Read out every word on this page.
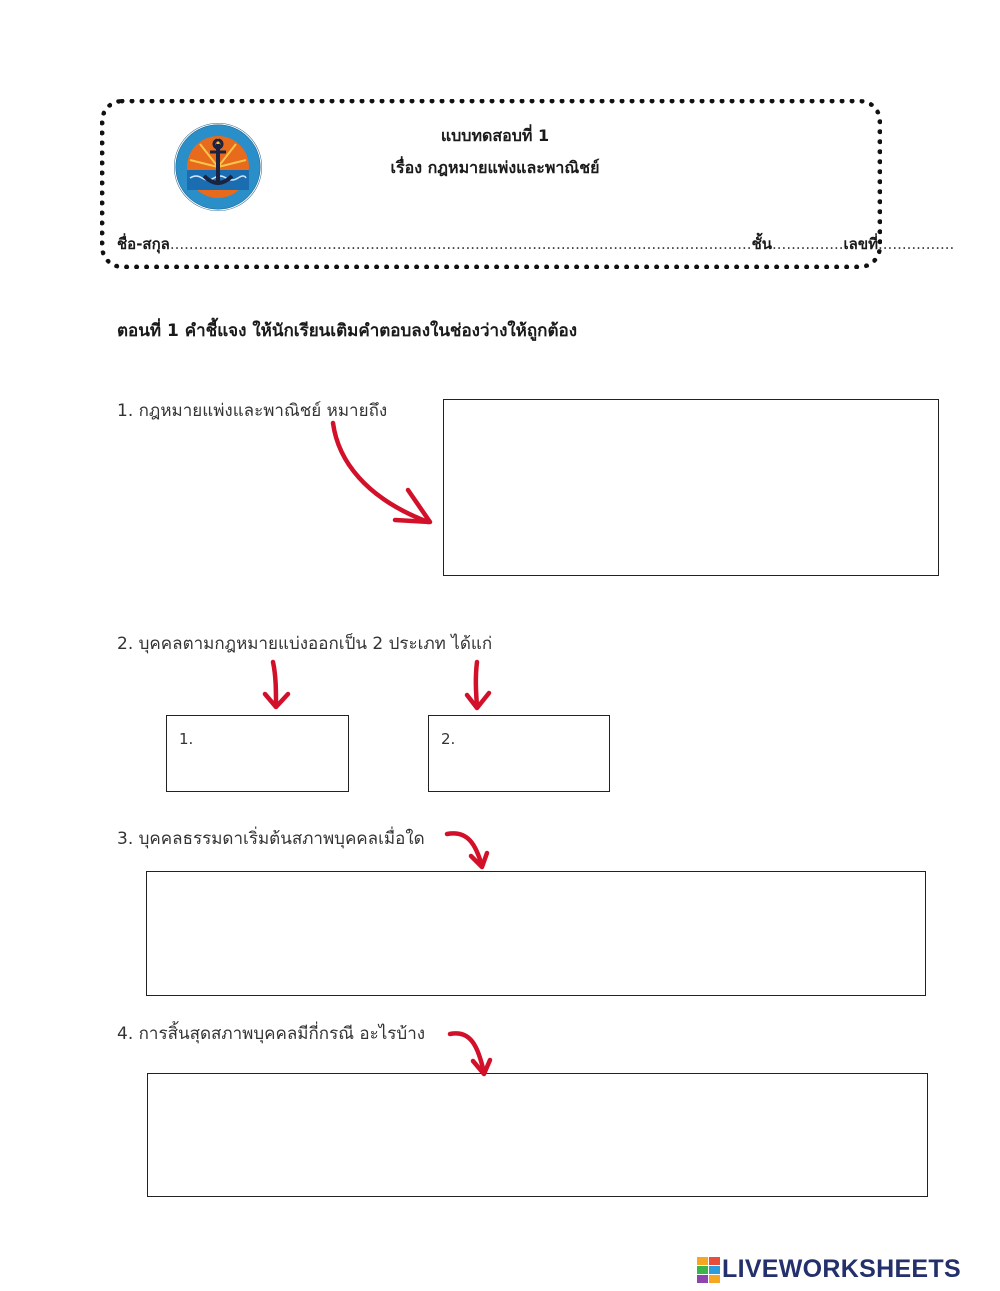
แบบทดสอบที่ 1
เรื่อง กฎหมายแพ่งและพาณิชย์
ชื่อ-สกุล..........................................................................................................................ชั้น...............เลขที่................
ตอนที่ 1 คำชี้แจง ให้นักเรียนเติมคำตอบลงในช่องว่างให้ถูกต้อง
1. กฎหมายแพ่งและพาณิชย์ หมายถึง
2. บุคคลตามกฎหมายแบ่งออกเป็น 2 ประเภท ได้แก่
1.	2.
3. บุคคลธรรมดาเริ่มต้นสภาพบุคคลเมื่อใด
4. การสิ้นสุดสภาพบุคคลมีกี่กรณี อะไรบ้าง
LIVEWORKSHEETS
